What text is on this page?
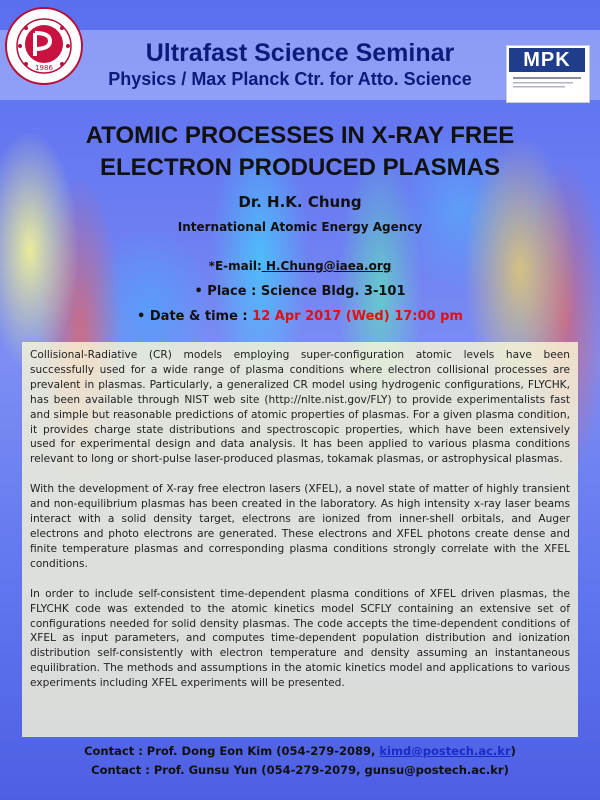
1986	MPK
Ultrafast Science Seminar
Physics / Max Planck Ctr. for Atto. Science
ATOMIC PROCESSES IN X-RAY FREE
ELECTRON PRODUCED PLASMAS
Dr. H.K. Chung
International Atomic Energy Agency
*E-mail: H.Chung@iaea.org
• Place : Science Bldg. 3-101
• Date & time : 12 Apr 2017 (Wed) 17:00 pm

Collisional-Radiative (CR) models employing super-configuration atomic levels have been successfully used for a wide range of plasma conditions where electron collisional processes are prevalent in plasmas. Particularly, a generalized CR model using hydrogenic configurations, FLYCHK, has been available through NIST web site (http://nlte.nist.gov/FLY) to provide experimentalists fast and simple but reasonable predictions of atomic properties of plasmas. For a given plasma condition, it provides charge state distributions and spectroscopic properties, which have been extensively used for experimental design and data analysis. It has been applied to various plasma conditions relevant to long or short-pulse laser-produced plasmas, tokamak plasmas, or astrophysical plasmas.

With the development of X-ray free electron lasers (XFEL), a novel state of matter of highly transient and non-equilibrium plasmas has been created in the laboratory. As high intensity x-ray laser beams interact with a solid density target, electrons are ionized from inner-shell orbitals, and Auger electrons and photo electrons are generated. These electrons and XFEL photons create dense and finite temperature plasmas and corresponding plasma conditions strongly correlate with the XFEL conditions.

In order to include self-consistent time-dependent plasma conditions of XFEL driven plasmas, the FLYCHK code was extended to the atomic kinetics model SCFLY containing an extensive set of configurations needed for solid density plasmas. The code accepts the time-dependent conditions of XFEL as input parameters, and computes time-dependent population distribution and ionization distribution self-consistently with electron temperature and density assuming an instantaneous equilibration. The methods and assumptions in the atomic kinetics model and applications to various experiments including XFEL experiments will be presented.

Contact : Prof. Dong Eon Kim (054-279-2089, kimd@postech.ac.kr)
Contact : Prof. Gunsu Yun (054-279-2079, gunsu@postech.ac.kr)
